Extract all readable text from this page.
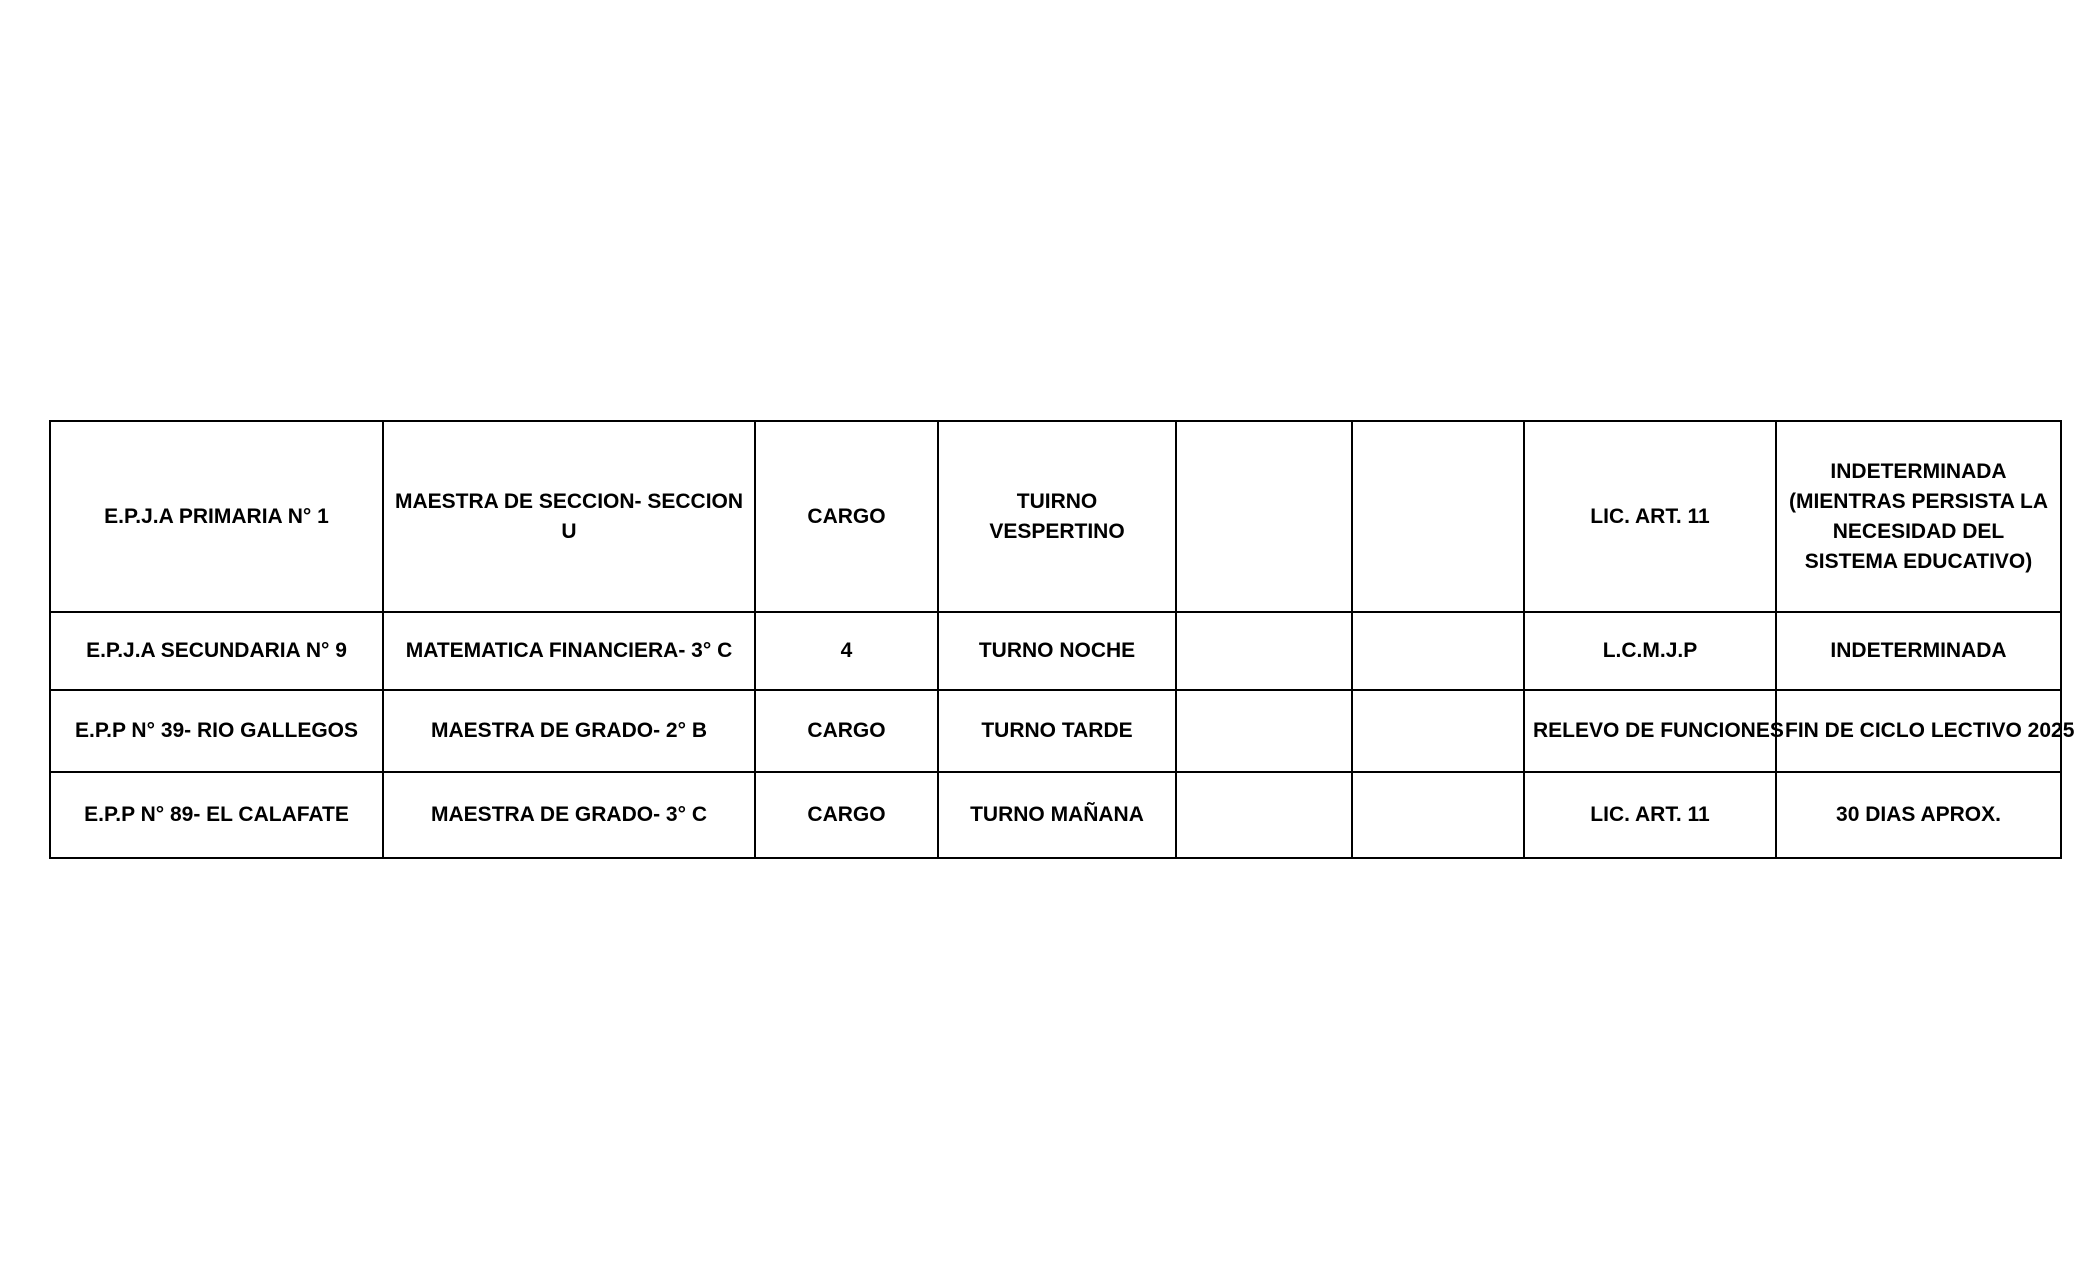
E.P.J.A PRIMARIA N° 1	MAESTRA DE SECCION- SECCION U	CARGO	TUIRNO VESPERTINO			LIC. ART. 11	INDETERMINADA (MIENTRAS PERSISTA LA NECESIDAD DEL SISTEMA EDUCATIVO)
E.P.J.A SECUNDARIA N° 9	MATEMATICA FINANCIERA- 3° C	4	TURNO NOCHE			L.C.M.J.P	INDETERMINADA
E.P.P N° 39- RIO GALLEGOS	MAESTRA DE GRADO- 2° B	CARGO	TURNO TARDE			RELEVO DE FUNCIONES	FIN DE CICLO LECTIVO 2025
E.P.P N° 89- EL CALAFATE	MAESTRA DE GRADO- 3° C	CARGO	TURNO MAÑANA			LIC. ART. 11	30 DIAS APROX.
